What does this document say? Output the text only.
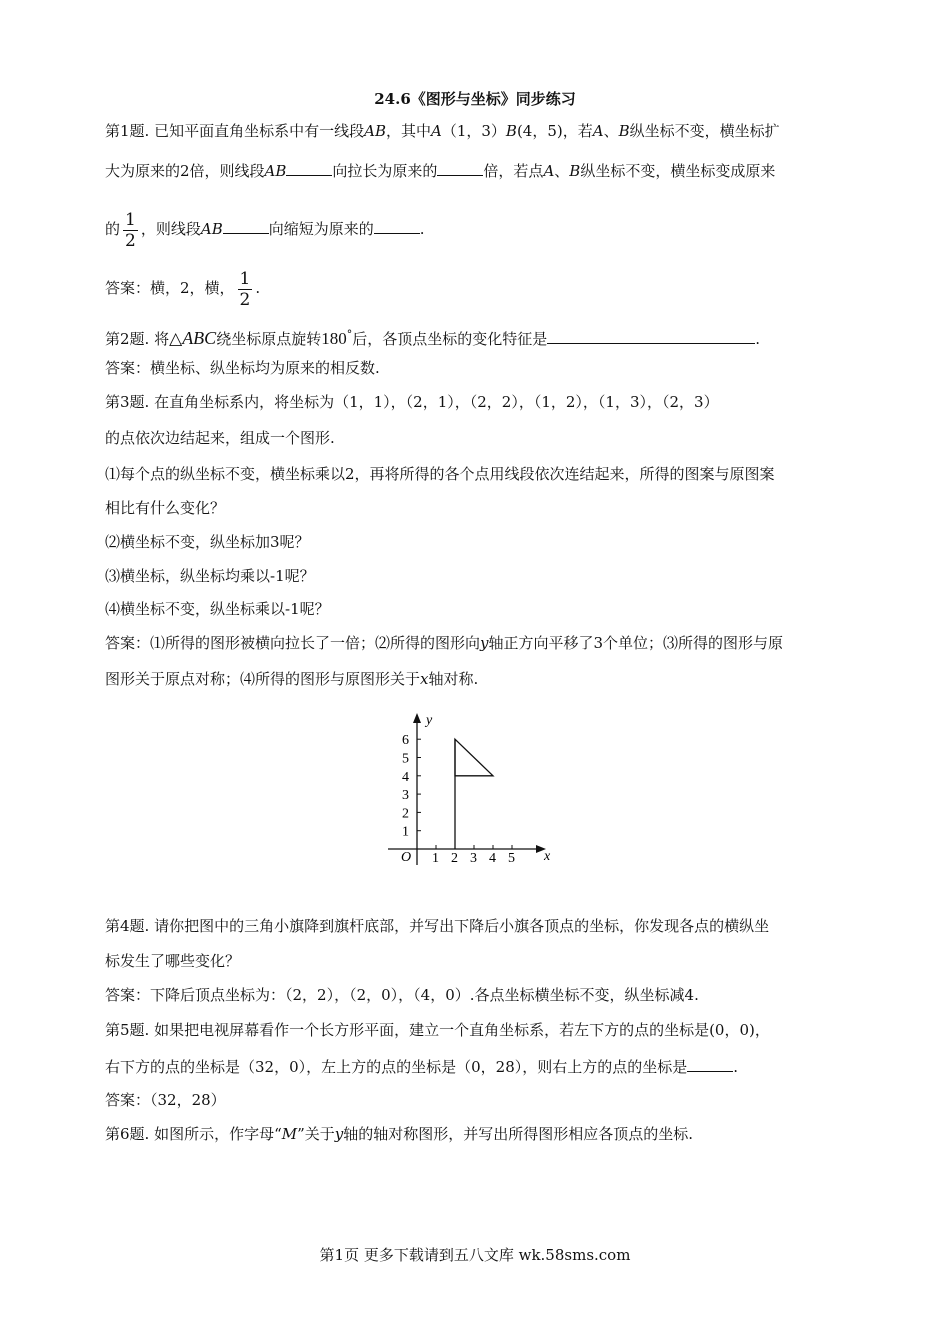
24.6《图形与坐标》同步练习
第1题. 已知平面直角坐标系中有一线段AB，其中A（1，3）B(4，5)，若A、B纵坐标不变，横坐标扩
大为原来的2倍，则线段AB	向拉长为原来的	倍，若点A、B纵坐标不变，横坐标变成原来
的 $\frac{1}{2}$ ，则线段AB	向缩短为原来的	.
答案：横，2，横， $\frac{1}{2}$ .
第2题. 将△ABC绕坐标原点旋转180°后，各顶点坐标的变化特征是	.
答案：横坐标、纵坐标均为原来的相反数.
第3题. 在直角坐标系内，将坐标为（1，1），（2，1），（2，2），（1，2），（1，3），（2，3）
的点依次边结起来，组成一个图形.
⑴每个点的纵坐标不变，横坐标乘以2，再将所得的各个点用线段依次连结起来，所得的图案与原图案
相比有什么变化？
⑵横坐标不变，纵坐标加3呢？
⑶横坐标，纵坐标均乘以-1呢？
⑷横坐标不变，纵坐标乘以-1呢？
答案：⑴所得的图形被横向拉长了一倍；⑵所得的图形向y轴正方向平移了3个单位；⑶所得的图形与原
图形关于原点对称；⑷所得的图形与原图形关于x轴对称.
y
x
O
1
2
3
4
5
6
1 2 3 4 5
第4题. 请你把图中的三角小旗降到旗杆底部，并写出下降后小旗各顶点的坐标，你发现各点的横纵坐
标发生了哪些变化？
答案：下降后顶点坐标为：（2，2），（2，0），（4，0）.各点坐标横坐标不变，纵坐标减4.
第5题. 如果把电视屏幕看作一个长方形平面，建立一个直角坐标系，若左下方的点的坐标是(0，0)，
右下方的点的坐标是（32，0），左上方的点的坐标是（0，28），则右上方的点的坐标是	.
答案：（32，28）
第6题. 如图所示，作字母“M”关于y轴的轴对称图形，并写出所得图形相应各顶点的坐标.
第1页 更多下载请到五八文库 wk.58sms.com
